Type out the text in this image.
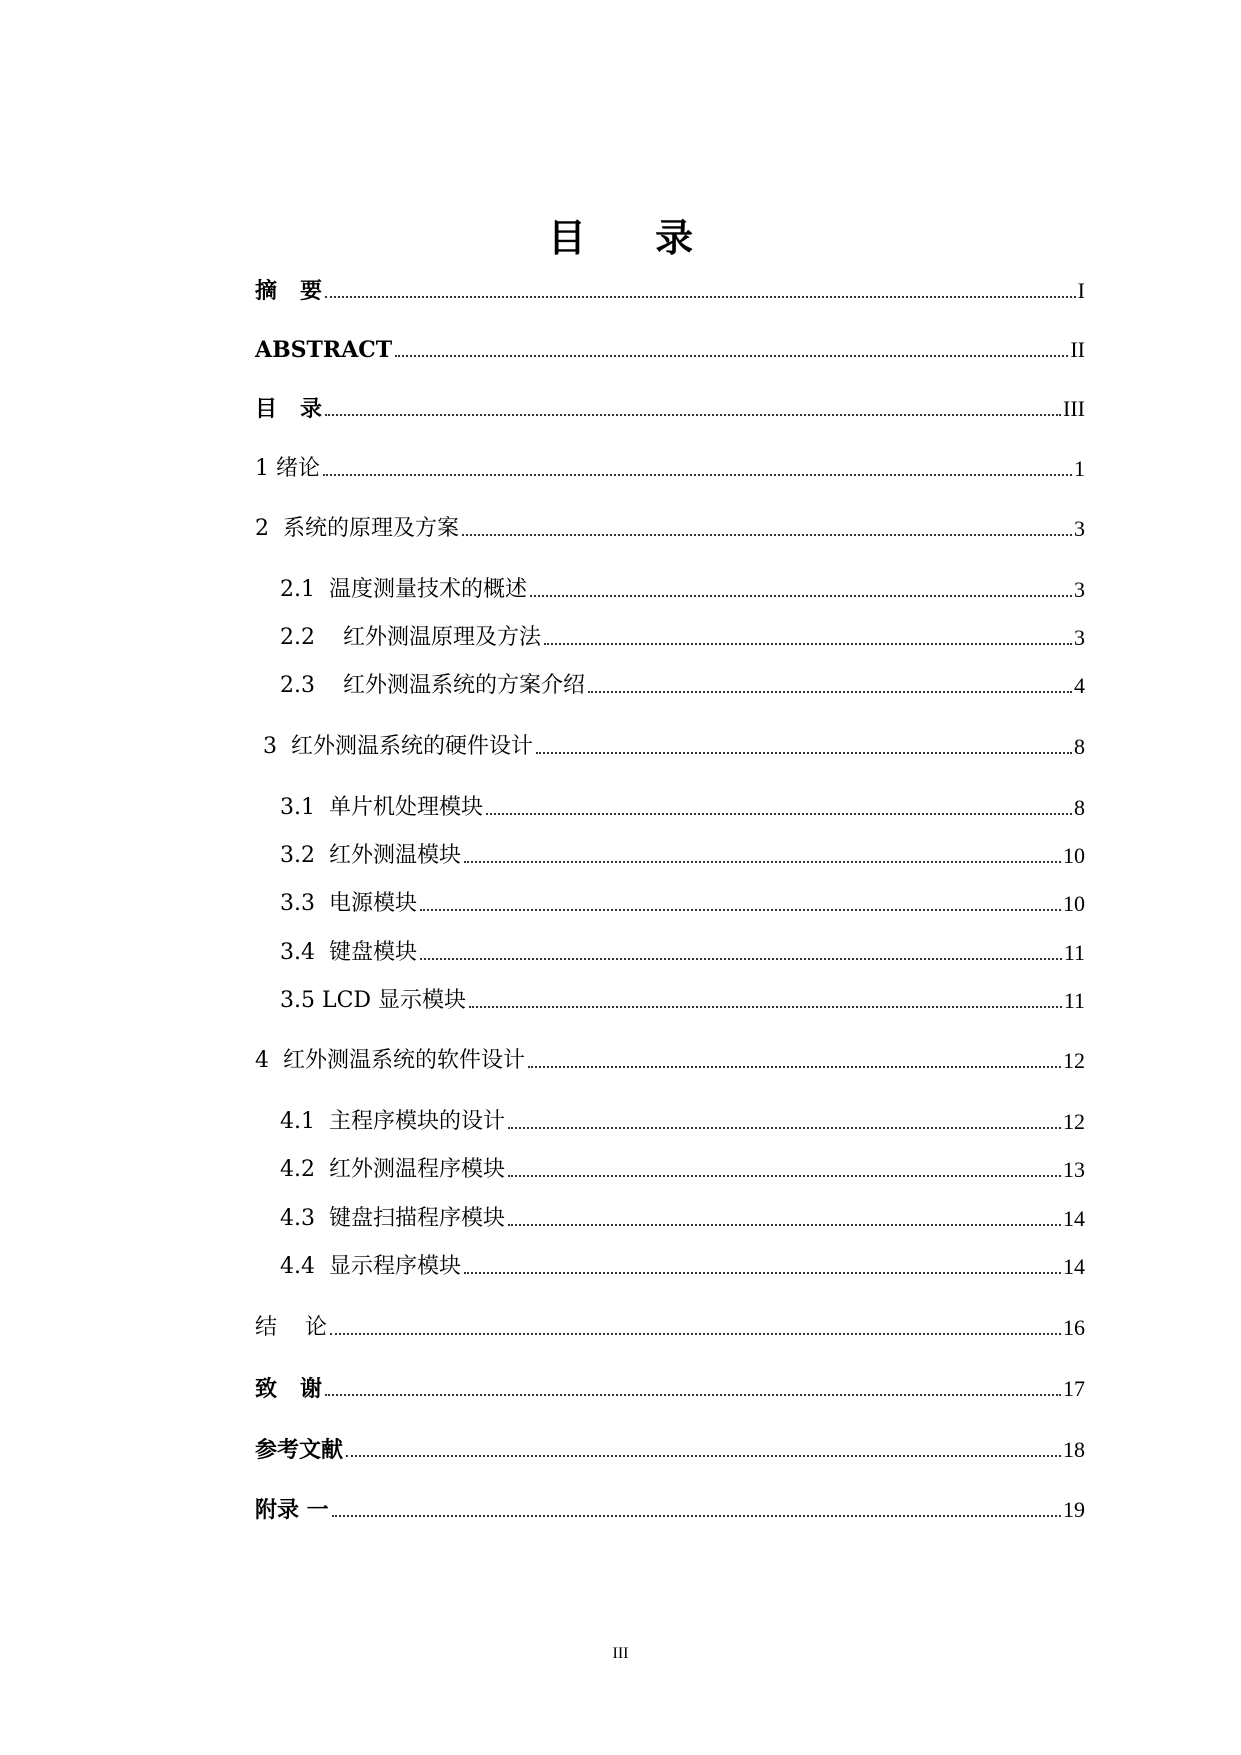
目 录
摘   要	I
ABSTRACT	II
目   录	III
1 绪论	1
2  系统的原理及方案	3
2.1  温度测量技术的概述	3
2.2    红外测温原理及方法	3
2.3    红外测温系统的方案介绍	4
3  红外测温系统的硬件设计	8
3.1  单片机处理模块	8
3.2  红外测温模块	10
3.3  电源模块	10
3.4  键盘模块	11
3.5 LCD 显示模块	11
4  红外测温系统的软件设计	12
4.1  主程序模块的设计	12
4.2  红外测温程序模块	13
4.3  键盘扫描程序模块	14
4.4  显示程序模块	14
结    论	16
致   谢	17
参考文献	18
附录 一	19
III
